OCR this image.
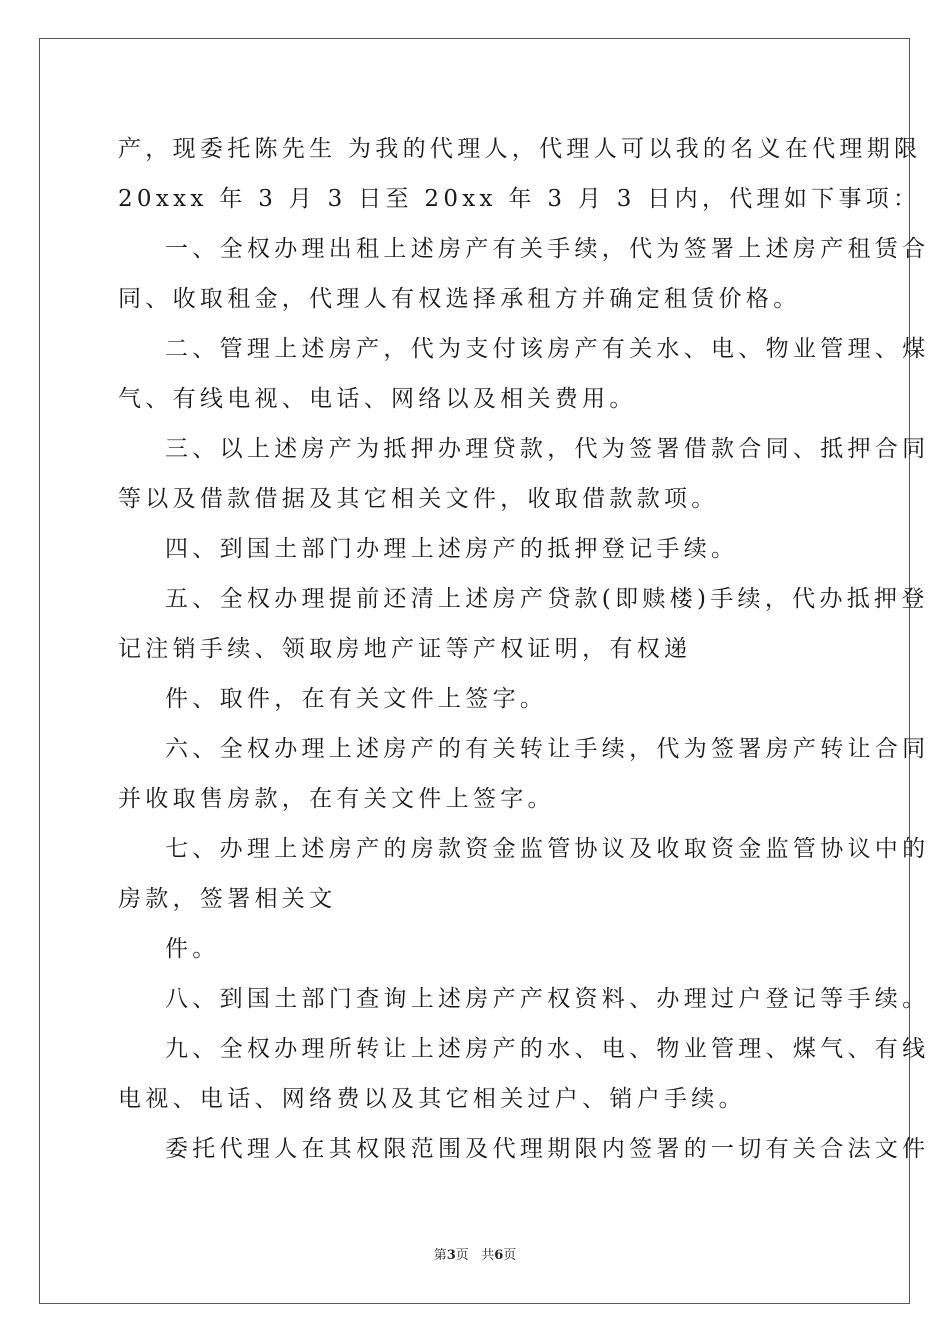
产，现委托陈先生 为我的代理人，代理人可以我的名义在代理期限

20xxx 年 3 月 3 日至 20xx 年 3 月 3 日内，代理如下事项：

一、全权办理出租上述房产有关手续，代为签署上述房产租赁合

同、收取租金，代理人有权选择承租方并确定租赁价格。

二、管理上述房产，代为支付该房产有关水、电、物业管理、煤

气、有线电视、电话、网络以及相关费用。

三、以上述房产为抵押办理贷款，代为签署借款合同、抵押合同

等以及借款借据及其它相关文件，收取借款款项。

四、到国土部门办理上述房产的抵押登记手续。

五、全权办理提前还清上述房产贷款(即赎楼)手续，代办抵押登

记注销手续、领取房地产证等产权证明，有权递

件、取件，在有关文件上签字。

六、全权办理上述房产的有关转让手续，代为签署房产转让合同

并收取售房款，在有关文件上签字。

七、办理上述房产的房款资金监管协议及收取资金监管协议中的

房款，签署相关文

件。

八、到国土部门查询上述房产产权资料、办理过户登记等手续。

九、全权办理所转让上述房产的水、电、物业管理、煤气、有线

电视、电话、网络费以及其它相关过户、销户手续。

委托代理人在其权限范围及代理期限内签署的一切有关合法文件

第3页   共6页
